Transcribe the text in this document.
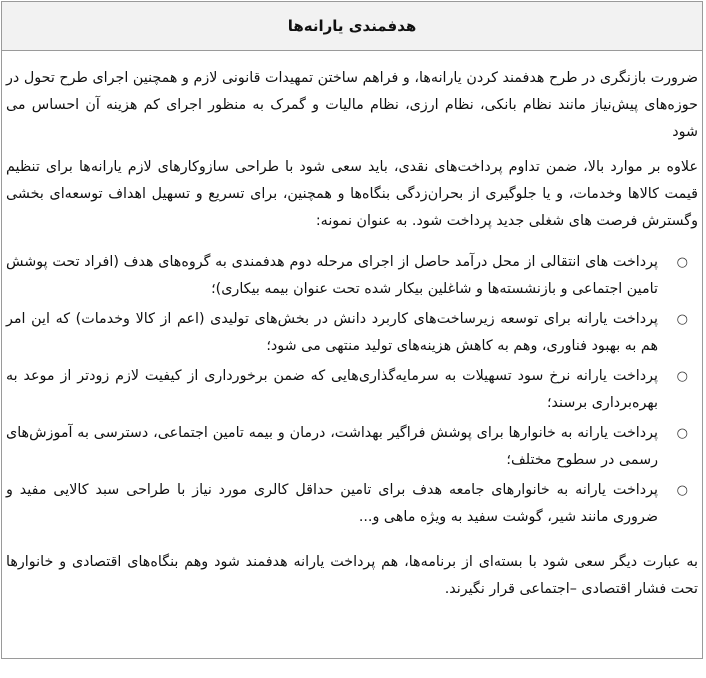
هدفمندی یارانه‌ها

ضرورت بازنگری در طرح هدفمند کردن یارانه‌ها، و فراهم ساختن تمهیدات قانونی لازم و همچنین اجرای طرح تحول در حوزه‌های پیش‌نیاز مانند نظام بانکی، نظام ارزی، نظام مالیات و گمرک به منظور اجرای کم هزینه آن احساس می شود

علاوه بر موارد بالا، ضمن تداوم پرداخت‌های نقدی، باید سعی شود با طراحی سازوکارهای لازم یارانه‌ها برای تنظیم قیمت کالاها وخدمات، و یا جلوگیری از بحران‌زدگی بنگاه‌ها و همچنین، برای تسریع و تسهیل اهداف توسعه‌ای بخشی وگسترش فرصت های شغلی جدید پرداخت شود. به عنوان نمونه:

○
پرداخت های انتقالی از محل درآمد حاصل از اجرای مرحله دوم هدفمندی به گروه‌های هدف (افراد تحت پوشش تامین اجتماعی و بازنشسته‌ها و شاغلین بیکار شده تحت عنوان بیمه بیکاری)؛
○
پرداخت یارانه برای توسعه زیرساخت‌های کاربرد دانش در بخش‌های تولیدی (اعم از کالا وخدمات) که این امر هم به بهبود فناوری، وهم به کاهش هزینه‌های تولید منتهی می شود؛
○
پرداخت یارانه نرخ سود تسهیلات به سرمایه‌گذاری‌هایی که ضمن برخورداری از کیفیت لازم زودتر از موعد به بهره‌برداری برسند؛
○
پرداخت یارانه به خانوارها برای پوشش فراگیر بهداشت، درمان و بیمه تامین اجتماعی، دسترسی به آموزش‌های رسمی در سطوح مختلف؛
○
پرداخت یارانه به خانوارهای جامعه هدف برای تامین حداقل کالری مورد نیاز با طراحی سبد کالایی مفید و ضروری مانند شیر، گوشت سفید به ویژه ماهی و...

به عبارت دیگر سعی شود با بسته‌ای از برنامه‌ها، هم پرداخت یارانه هدفمند شود وهم بنگاه‌های اقتصادی و خانوارها تحت فشار اقتصادی –اجتماعی قرار نگیرند.
